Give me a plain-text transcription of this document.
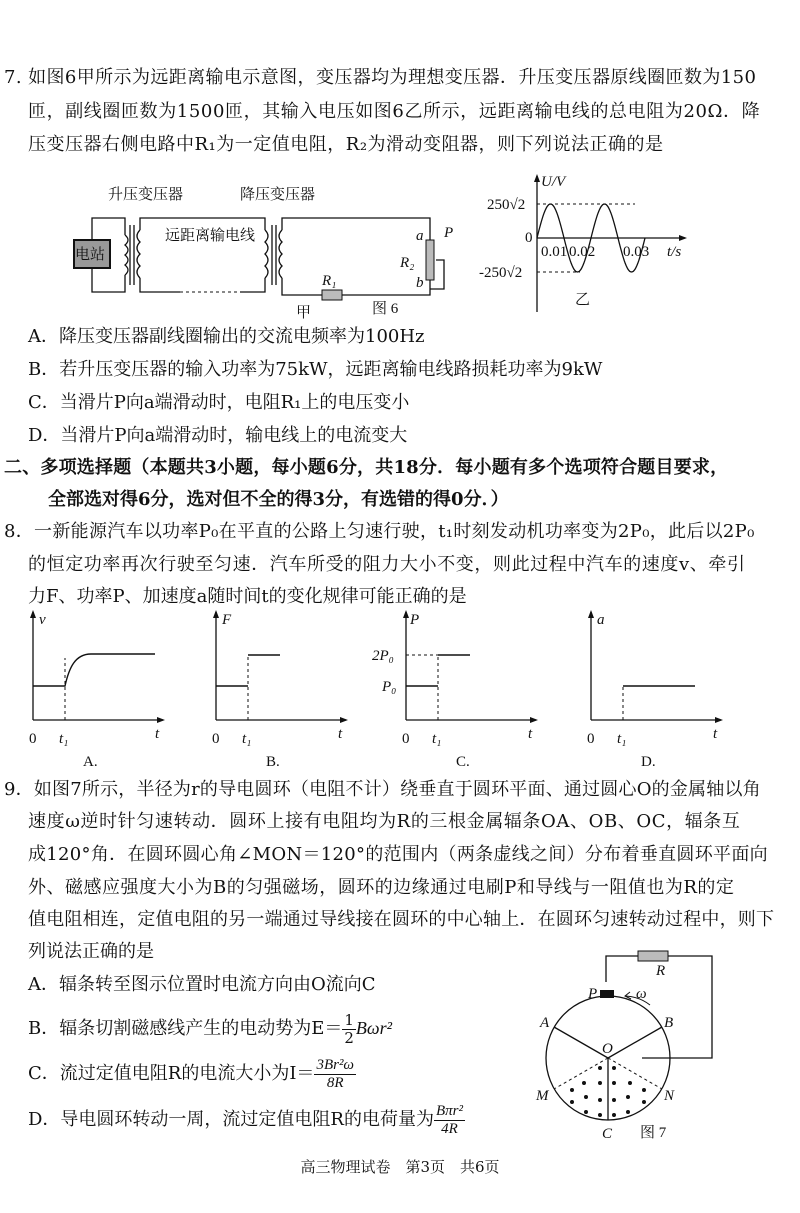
7. 如图6甲所示为远距离输电示意图，变压器均为理想变压器．升压变压器原线圈匝数为150
匝，副线圈匝数为1500匝，其输入电压如图6乙所示，远距离输电线的总电阻为20Ω．降
压变压器右侧电路中R₁为一定值电阻，R₂为滑动变阻器，则下列说法正确的是
升压变压器	降压变压器
电站
远距离输电线
R₁
a
b
R₂
P
甲	图 6
U/V
t/s
250√2
-250√2
0
0.01 0.02 0.03
乙
A．降压变压器副线圈输出的交流电频率为100Hz
B．若升压变压器的输入功率为75kW，远距离输电线路损耗功率为9kW
C．当滑片P向a端滑动时，电阻R₁上的电压变小
D．当滑片P向a端滑动时，输电线上的电流变大
二、多项选择题（本题共3小题，每小题6分，共18分．每小题有多个选项符合题目要求，
全部选对得6分，选对但不全的得3分，有选错的得0分．）
8．一新能源汽车以功率P₀在平直的公路上匀速行驶，t₁时刻发动机功率变为2P₀，此后以2P₀
的恒定功率再次行驶至匀速．汽车所受的阻力大小不变，则此过程中汽车的速度v、牵引
力F、功率P、加速度a随时间t的变化规律可能正确的是
0 t₁	t
v
A.
0 t₁	t
F
B.
0 t₁	t
P
C.
2P₀
P₀
0 t₁	t
a
D.
9．如图7所示，半径为r的导电圆环（电阻不计）绕垂直于圆环平面、通过圆心O的金属轴以角
速度ω逆时针匀速转动．圆环上接有电阻均为R的三根金属辐条OA、OB、OC，辐条互
成120°角．在圆环圆心角∠MON＝120°的范围内（两条虚线之间）分布着垂直圆环平面向
外、磁感应强度大小为B的匀强磁场，圆环的边缘通过电刷P和导线与一阻值也为R的定
值电阻相连，定值电阻的另一端通过导线接在圆环的中心轴上．在圆环匀速转动过程中，则下
列说法正确的是
A．辐条转至图示位置时电流方向由O流向C
B．辐条切割磁感线产生的电动势为$E= \frac{1}{2} B\omega r^2$
C．流过定值电阻R的电流大小为$I= \frac{\text{3Br²ω}}{8R}$
D．导电圆环转动一周，流过定值电阻R的电荷量为 $\frac{\text{Bπr²}}{4R}$
R
P	ω
A	B
O
M	N
C 图 7
高三物理试卷　第3页　共6页
